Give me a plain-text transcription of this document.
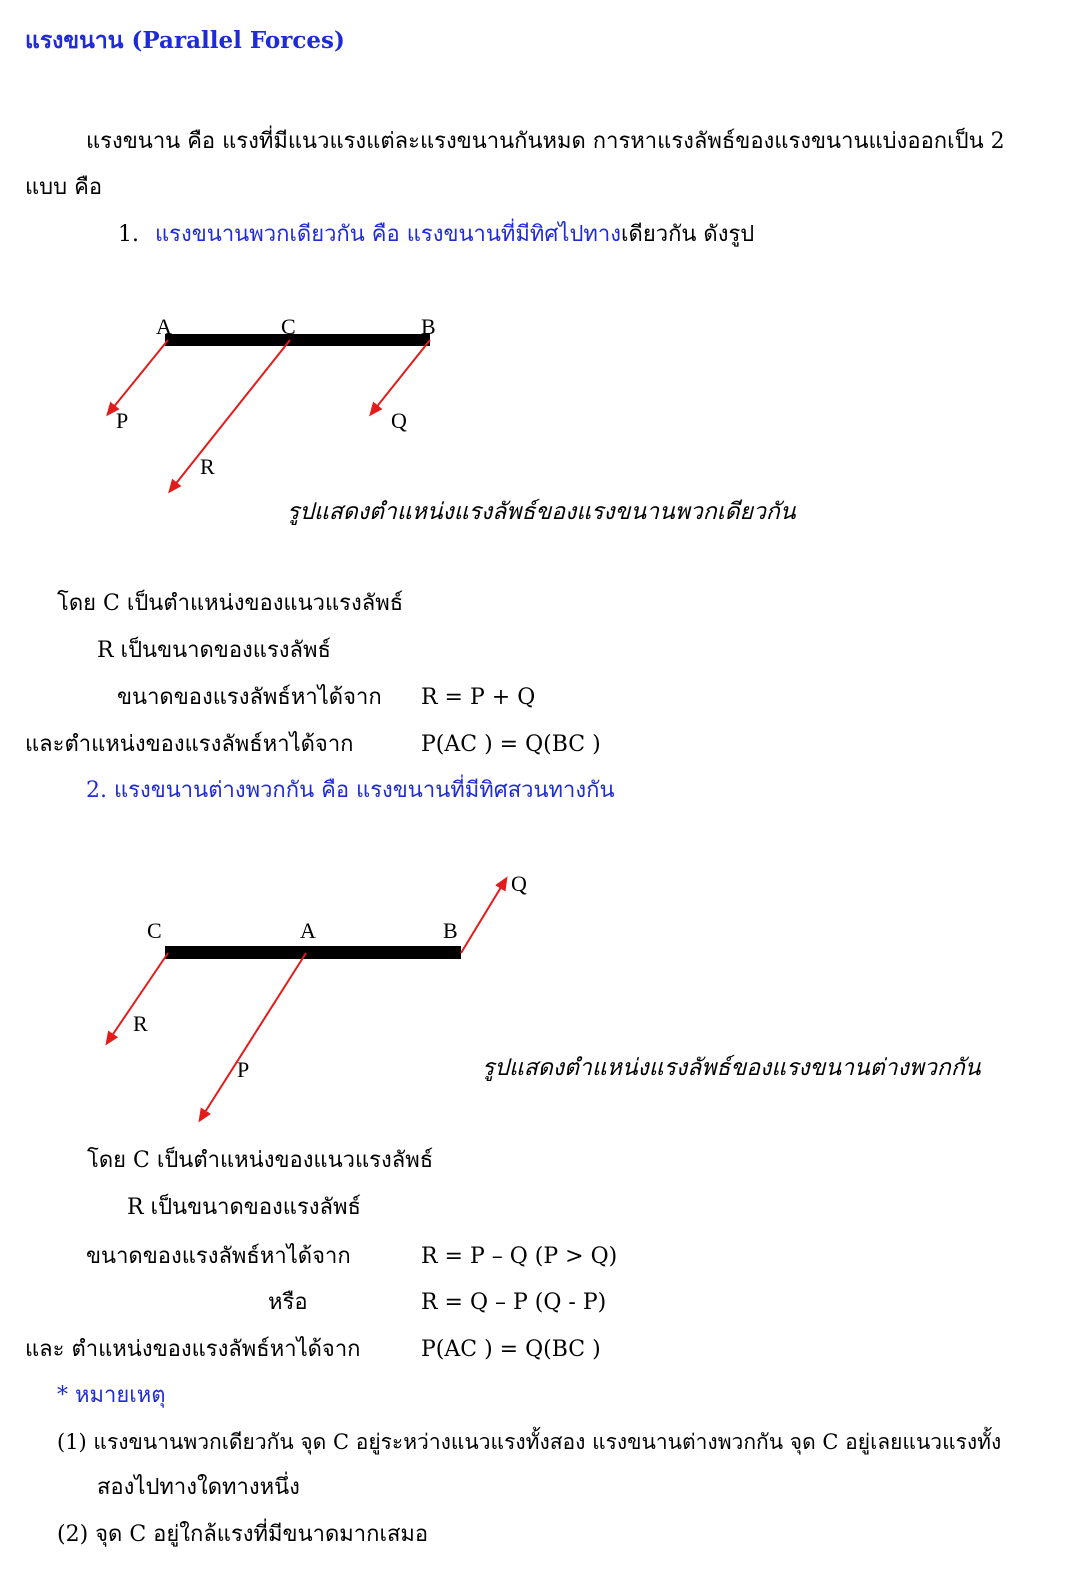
แรงขนาน (Parallel Forces)
แรงขนาน คือ แรงที่มีแนวแรงแต่ละแรงขนานกันหมด การหาแรงลัพธ์ของแรงขนานแบ่งออกเป็น 2
แบบ คือ
1. แรงขนานพวกเดียวกัน คือ แรงขนานที่มีทิศไปทางเดียวกัน ดังรูป
A	C	B
P	Q
R
C	A	B
Q
R
P
รูปแสดงตำแหน่งแรงลัพธ์ของแรงขนานพวกเดียวกัน
โดย C เป็นตำแหน่งของแนวแรงลัพธ์
R เป็นขนาดของแรงลัพธ์
ขนาดของแรงลัพธ์หาได้จาก R = P + Q
และตำแหน่งของแรงลัพธ์หาได้จาก	P(AC ) = Q(BC )
2. แรงขนานต่างพวกกัน คือ แรงขนานที่มีทิศสวนทางกัน
รูปแสดงตำแหน่งแรงลัพธ์ของแรงขนานต่างพวกกัน
โดย C เป็นตำแหน่งของแนวแรงลัพธ์
R เป็นขนาดของแรงลัพธ์
ขนาดของแรงลัพธ์หาได้จาก	R = P – Q (P > Q)
หรือ	R = Q – P (Q - P)
และ ตำแหน่งของแรงลัพธ์หาได้จาก	P(AC ) = Q(BC )
* หมายเหตุ
(1) แรงขนานพวกเดียวกัน จุด C อยู่ระหว่างแนวแรงทั้งสอง แรงขนานต่างพวกกัน จุด C อยู่เลยแนวแรงทั้ง
สองไปทางใดทางหนึ่ง
(2) จุด C อยู่ใกล้แรงที่มีขนาดมากเสมอ
